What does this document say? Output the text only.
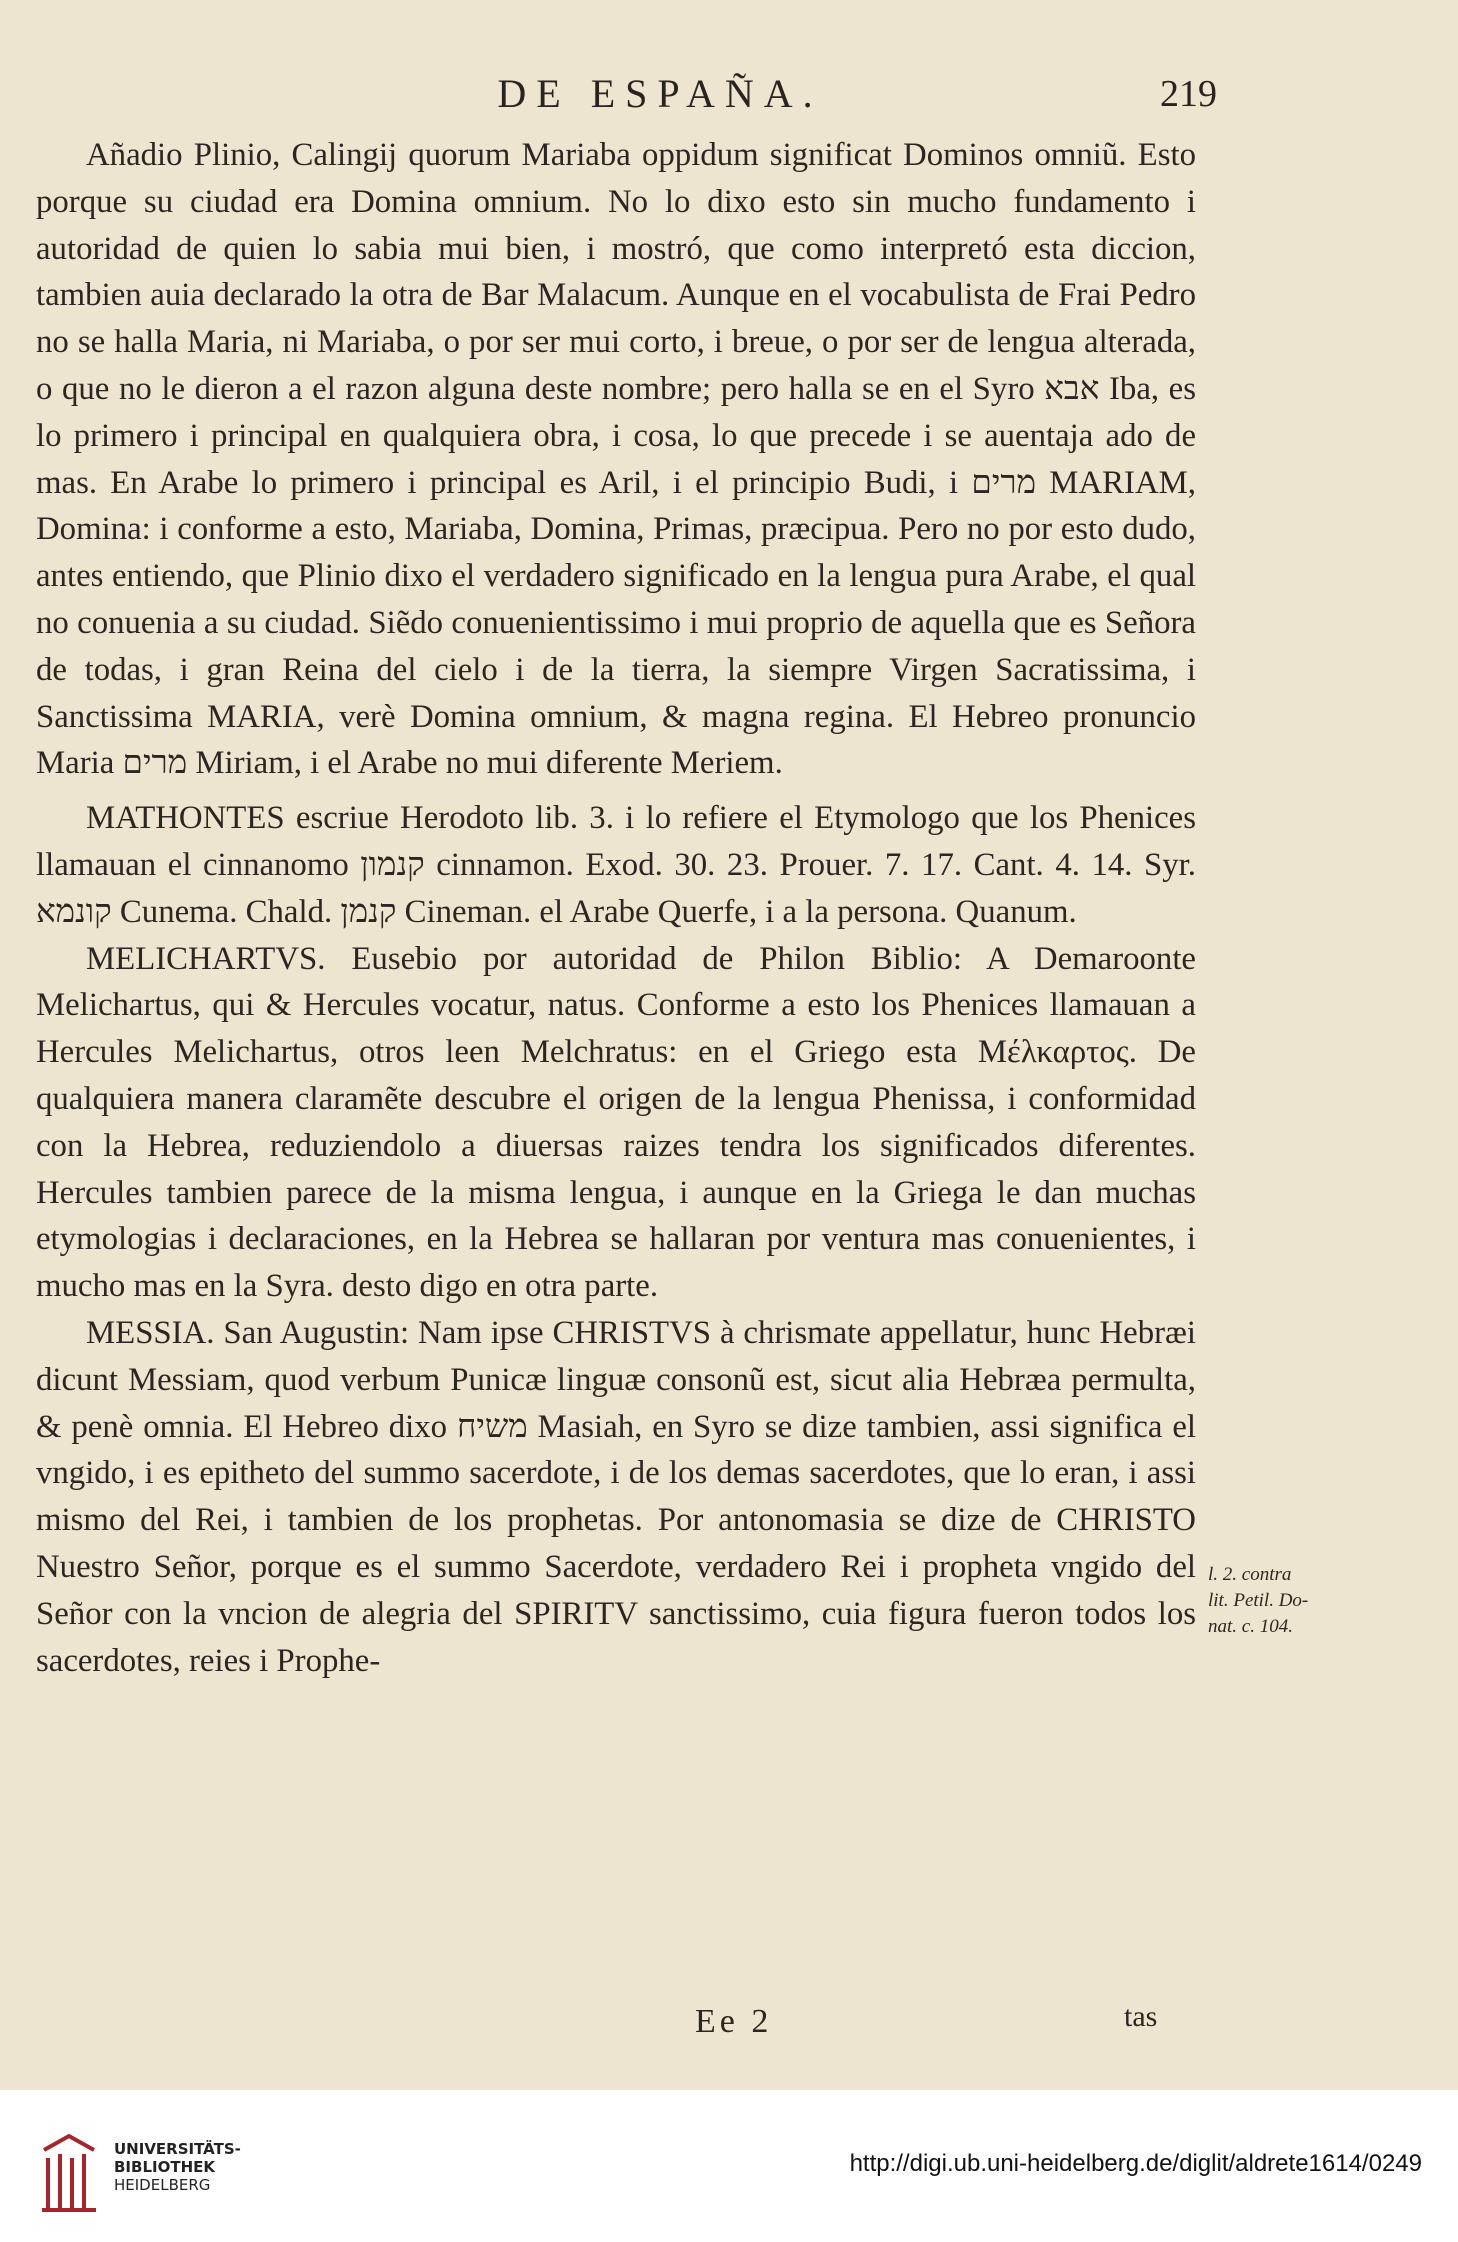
DE ESPAÑA.	219

Añadio Plinio, Calingij quorum Mariaba oppidum significat Dominos omniũ. Esto porque su ciudad era Domina omnium. No lo dixo esto sin mucho fundamento i autoridad de quien lo sabia mui bien, i mostró, que como interpretó esta diccion, tambien auia declarado la otra de Bar Malacum. Aunque en el vocabulista de Frai Pedro no se halla Maria, ni Mariaba, o por ser mui corto, i breue, o por ser de lengua alterada, o que no le dieron a el razon alguna deste nombre; pero halla se en el Syro אבא Iba, es lo primero i principal en qualquiera obra, i cosa, lo que precede i se auentaja ado de mas. En Arabe lo primero i principal es Aril, i el principio Budi, i מרים MARIAM, Domina: i conforme a esto, Mariaba, Domina, Primas, præcipua. Pero no por esto dudo, antes entiendo, que Plinio dixo el verdadero significado en la lengua pura Arabe, el qual no conuenia a su ciudad. Siẽdo conuenientissimo i mui proprio de aquella que es Señora de todas, i gran Reina del cielo i de la tierra, la siempre Virgen Sacratissima, i Sanctissima MARIA, verè Domina omnium, & magna regina. El Hebreo pronuncio Maria מרים Miriam, i el Arabe no mui diferente Meriem.

MATHONTES escriue Herodoto lib. 3. i lo refiere el Etymologo que los Phenices llamauan el cinnanomo קנמון cinnamon. Exod. 30. 23. Prouer. 7. 17. Cant. 4. 14. Syr. קונמא Cunema. Chald. קנמן Cineman. el Arabe Querfe, i a la persona. Quanum.

MELICHARTVS. Eusebio por autoridad de Philon Biblio: A Demaroonte Melichartus, qui & Hercules vocatur, natus. Conforme a esto los Phenices llamauan a Hercules Melichartus, otros leen Melchratus: en el Griego esta Μέλκαρτος. De qualquiera manera claramẽte descubre el origen de la lengua Phenissa, i conformidad con la Hebrea, reduziendolo a diuersas raizes tendra los significados diferentes. Hercules tambien parece de la misma lengua, i aunque en la Griega le dan muchas etymologias i declaraciones, en la Hebrea se hallaran por ventura mas conuenientes, i mucho mas en la Syra. desto digo en otra parte.

MESSIA. San Augustin: Nam ipse CHRISTVS à chrismate appellatur, hunc Hebræi dicunt Messiam, quod verbum Punicæ linguæ consonũ est, sicut alia Hebræa permulta, & penè omnia. El Hebreo dixo משיח Masiah, en Syro se dize tambien, assi significa el vngido, i es epitheto del summo sacerdote, i de los demas sacerdotes, que lo eran, i assi mismo del Rei, i tambien de los prophetas. Por antonomasia se dize de CHRISTO Nuestro Señor, porque es el summo Sacerdote, verdadero Rei i propheta vngido del Señor con la vncion de alegria del SPIRITV sanctissimo, cuia figura fueron todos los sacerdotes, reies i Prophe-

l. 2. contra
lit. Petil. Do-
nat. c. 104.
Ee 2	tas
UNIVERSITÄTS-
BIBLIOTHEK
HEIDELBERG
http://digi.ub.uni-heidelberg.de/diglit/aldrete1614/0249
